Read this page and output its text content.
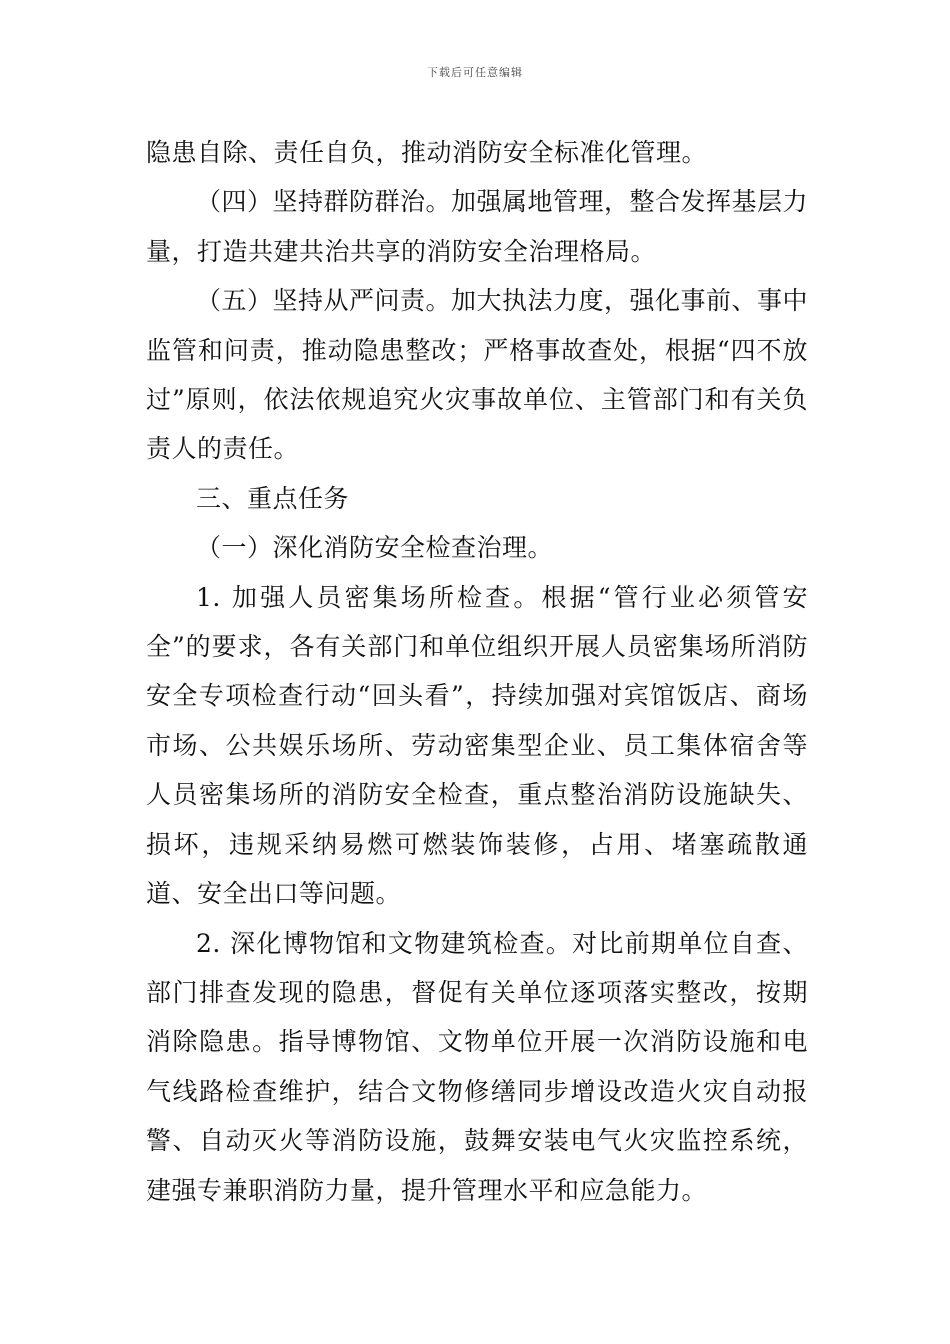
下载后可任意编辑

隐患自除、责任自负，推动消防安全标准化管理。

（四）坚持群防群治。加强属地管理，整合发挥基层力量，打造共建共治共享的消防安全治理格局。

（五）坚持从严问责。加大执法力度，强化事前、事中监管和问责，推动隐患整改；严格事故查处，根据“四不放过”原则，依法依规追究火灾事故单位、主管部门和有关负责人的责任。

三、重点任务

（一）深化消防安全检查治理。

1. 加强人员密集场所检查。根据“管行业必须管安全”的要求，各有关部门和单位组织开展人员密集场所消防安全专项检查行动“回头看”，持续加强对宾馆饭店、商场市场、公共娱乐场所、劳动密集型企业、员工集体宿舍等人员密集场所的消防安全检查，重点整治消防设施缺失、损坏，违规采纳易燃可燃装饰装修，占用、堵塞疏散通道、安全出口等问题。

2. 深化博物馆和文物建筑检查。对比前期单位自查、部门排查发现的隐患，督促有关单位逐项落实整改，按期消除隐患。指导博物馆、文物单位开展一次消防设施和电气线路检查维护，结合文物修缮同步增设改造火灾自动报警、自动灭火等消防设施，鼓舞安装电气火灾监控系统，建强专兼职消防力量，提升管理水平和应急能力。
